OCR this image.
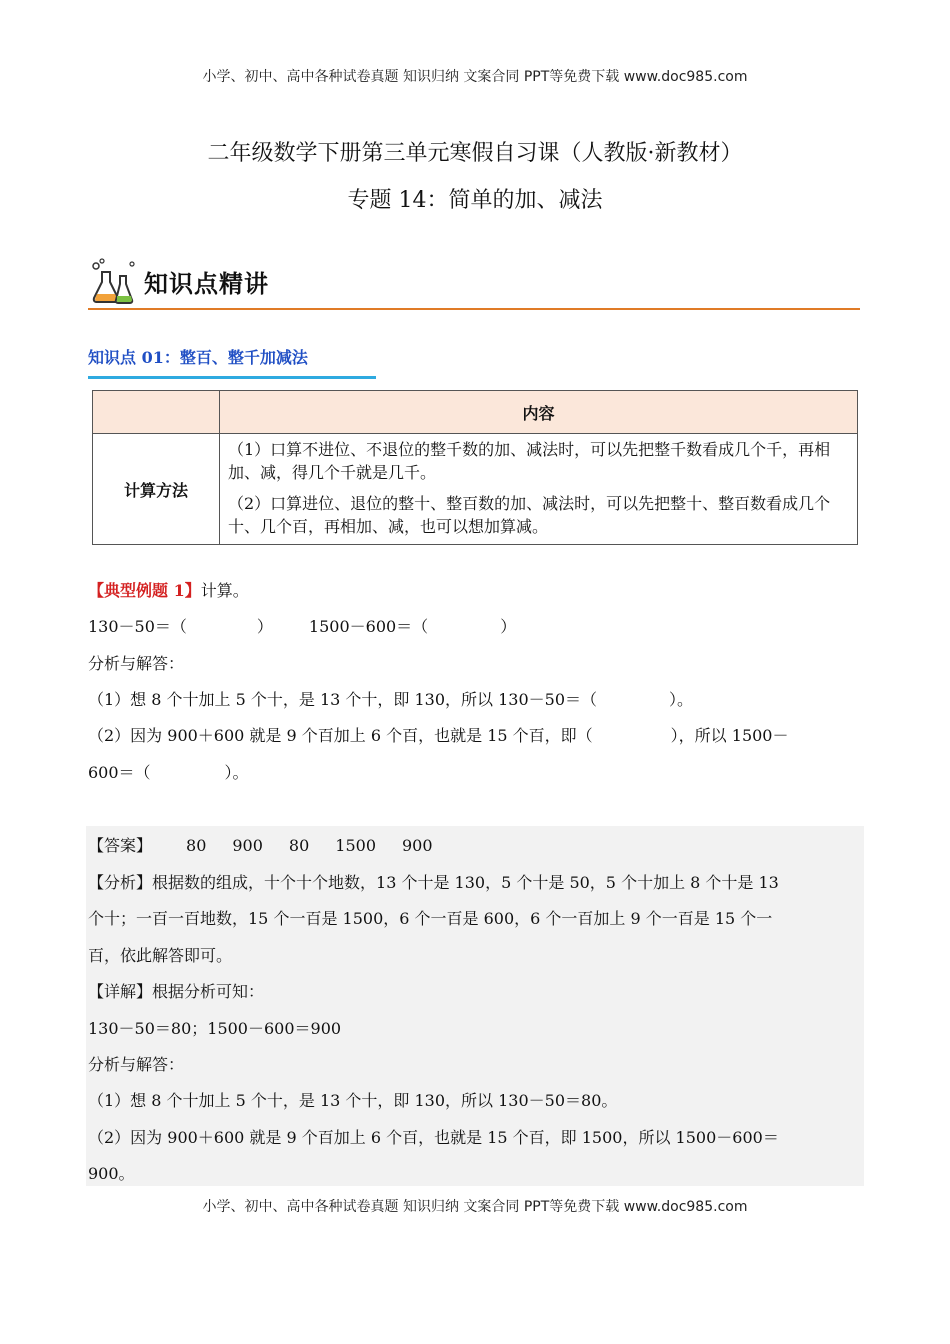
小学、初中、高中各种试卷真题 知识归纳 文案合同 PPT等免费下载 www.doc985.com
二年级数学下册第三单元寒假自习课（人教版·新教材）
专题 14：简单的加、减法
知识点精讲
知识点 01：整百、整千加减法
	内容
计算方法	（1）口算不进位、不退位的整千数的加、减法时，可以先把整千数看成几个千，再相加、减，得几个千就是几千。

（2）口算进位、退位的整十、整百数的加、减法时，可以先把整十、整百数看成几个十、几个百，再相加、减，也可以想加算减。

【典型例题 1】计算。
130－50＝（	） 1500－600＝（	）
分析与解答：
（1）想 8 个十加上 5 个十，是 13 个十，即 130，所以 130－50＝（	）。
（2）因为 900＋600 就是 9 个百加上 6 个百，也就是 15 个百，即（	），所以 1500－
600＝（	）。
【答案】 80 900 80 1500 900
【分析】根据数的组成，十个十个地数，13 个十是 130，5 个十是 50，5 个十加上 8 个十是 13
个十；一百一百地数，15 个一百是 1500，6 个一百是 600，6 个一百加上 9 个一百是 15 个一
百，依此解答即可。
【详解】根据分析可知：
130－50＝80；1500－600＝900
分析与解答：
（1）想 8 个十加上 5 个十，是 13 个十，即 130，所以 130－50＝80。
（2）因为 900＋600 就是 9 个百加上 6 个百，也就是 15 个百，即 1500，所以 1500－600＝
900。
小学、初中、高中各种试卷真题 知识归纳 文案合同 PPT等免费下载 www.doc985.com
